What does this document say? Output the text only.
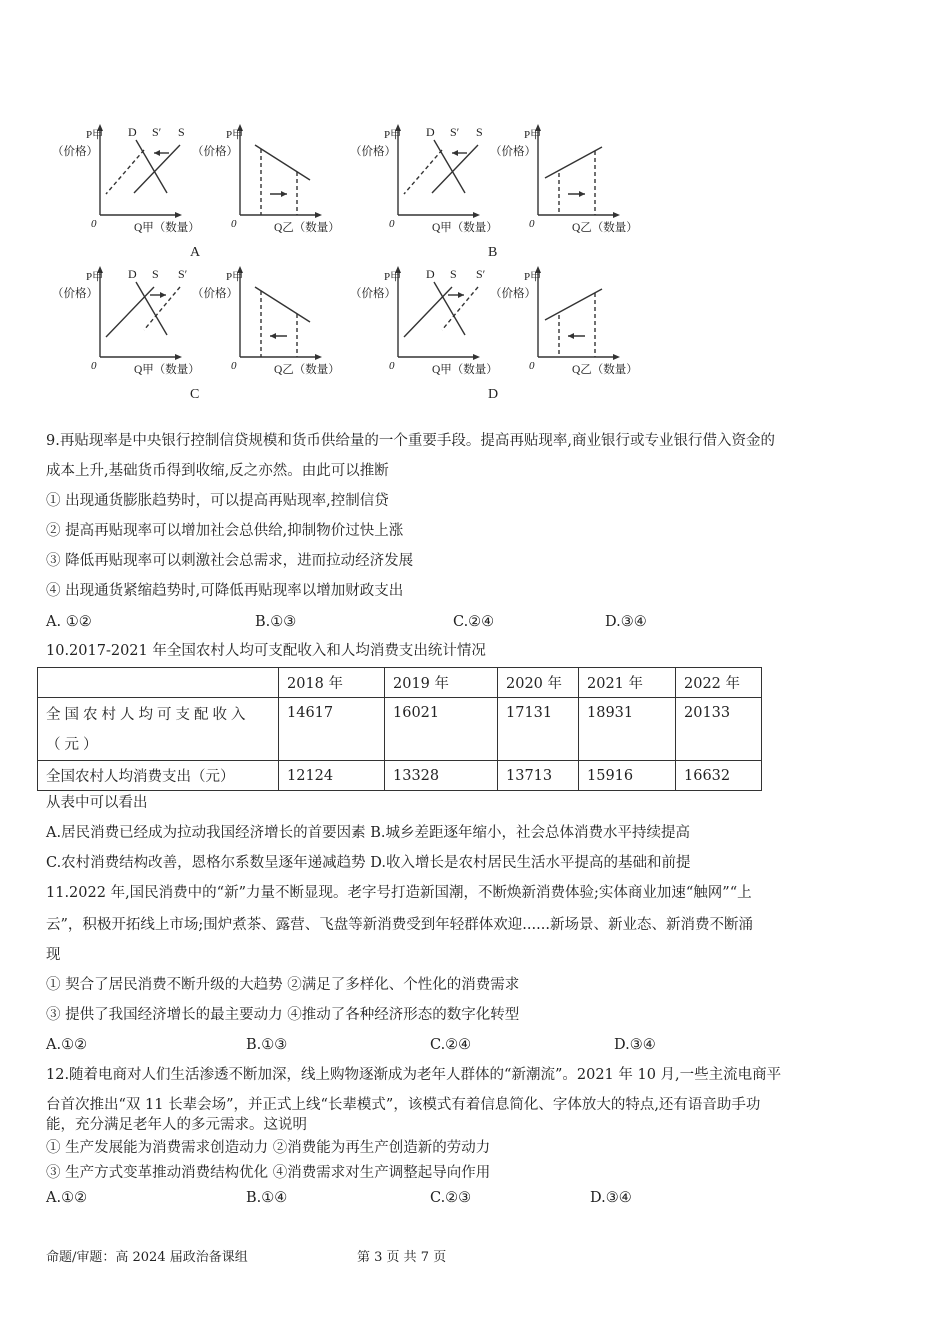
P甲
（价格）
0	Q甲（数量）
D S′ S	P甲
（价格）
0	Q乙（数量）
A
P甲
（价格）
0	Q甲（数量）
D S′ S	P甲
（价格）
0	Q乙（数量）
B
P甲
（价格）
0	Q甲（数量）
D S S′	P甲
（价格）
0	Q乙（数量）
C
P甲
（价格）
0	Q甲（数量）
D S S′	P甲
（价格）
0	Q乙（数量）
D
9.再贴现率是中央银行控制信贷规模和货币供给量的一个重要手段。提高再贴现率,商业银行或专业银行借入资金的
成本上升,基础货币得到收缩,反之亦然。由此可以推断
① 出现通货膨胀趋势时，可以提高再贴现率,控制信贷
② 提高再贴现率可以增加社会总供给,抑制物价过快上涨
③ 降低再贴现率可以刺激社会总需求，进而拉动经济发展
④ 出现通货紧缩趋势时,可降低再贴现率以增加财政支出
A. ①②	B.①③	C.②④	D.③④
10.2017-2021 年全国农村人均可支配收入和人均消费支出统计情况
	2018 年	2019 年	2020 年	2021 年	2022 年
全国农村人均可支配收入（元）	14617	16021	17131	18931	20133
全国农村人均消费支出（元）	12124	13328	13713	15916	16632
从表中可以看出
A.居民消费已经成为拉动我国经济增长的首要因素 B.城乡差距逐年缩小，社会总体消费水平持续提高
C.农村消费结构改善，恩格尔系数呈逐年递减趋势 D.收入增长是农村居民生活水平提高的基础和前提
11.2022 年,国民消费中的“新”力量不断显现。老字号打造新国潮，不断焕新消费体验;实体商业加速“触网”“上
云”，积极开拓线上市场;围炉煮茶、露营、飞盘等新消费受到年轻群体欢迎......新场景、新业态、新消费不断涌
现
① 契合了居民消费不断升级的大趋势 ②满足了多样化、个性化的消费需求
③ 提供了我国经济增长的最主要动力 ④推动了各种经济形态的数字化转型
A.①②	B.①③	C.②④	D.③④
12.随着电商对人们生活渗透不断加深，线上购物逐渐成为老年人群体的“新潮流”。2021 年 10 月,一些主流电商平
台首次推出“双 11 长辈会场”，并正式上线“长辈模式”，该模式有着信息简化、字体放大的特点,还有语音助手功
能，充分满足老年人的多元需求。这说明
① 生产发展能为消费需求创造动力 ②消费能为再生产创造新的劳动力
③ 生产方式变革推动消费结构优化 ④消费需求对生产调整起导向作用
A.①②	B.①④	C.②③	D.③④
命题/审题：高 2024 届政治备课组	第 3 页 共 7 页
